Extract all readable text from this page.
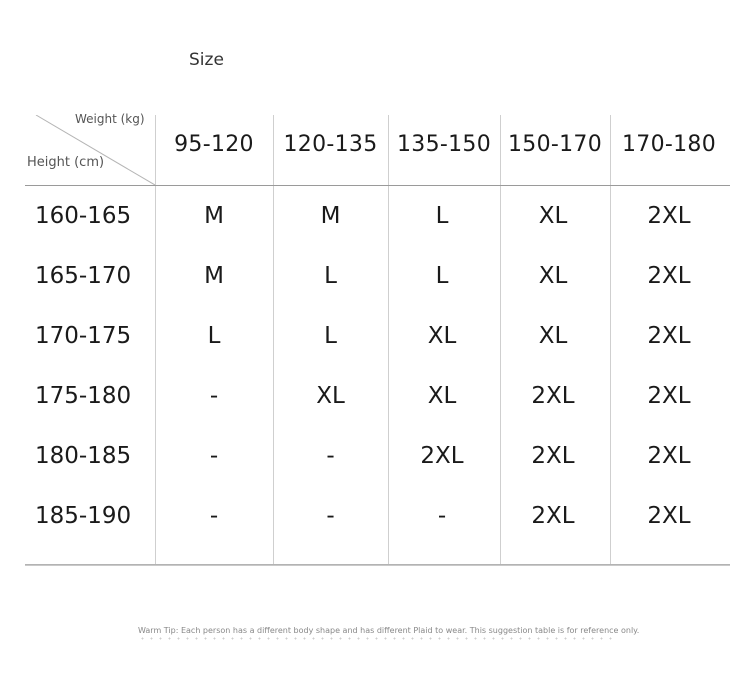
Size
Weight (kg)
Height (cm)
95-120	120-135 135-150 150-170 170-180
160-165	M	M	L	XL	2XL
165-170	M	L	L	XL	2XL
170-175	L	L	XL	XL	2XL
175-180	-	XL	XL	2XL	2XL
180-185	-	-	2XL	2XL	2XL
185-190	-	-	-	2XL	2XL
Warm Tip: Each person has a different body shape and has different Plaid to wear. This suggestion table is for reference only.
